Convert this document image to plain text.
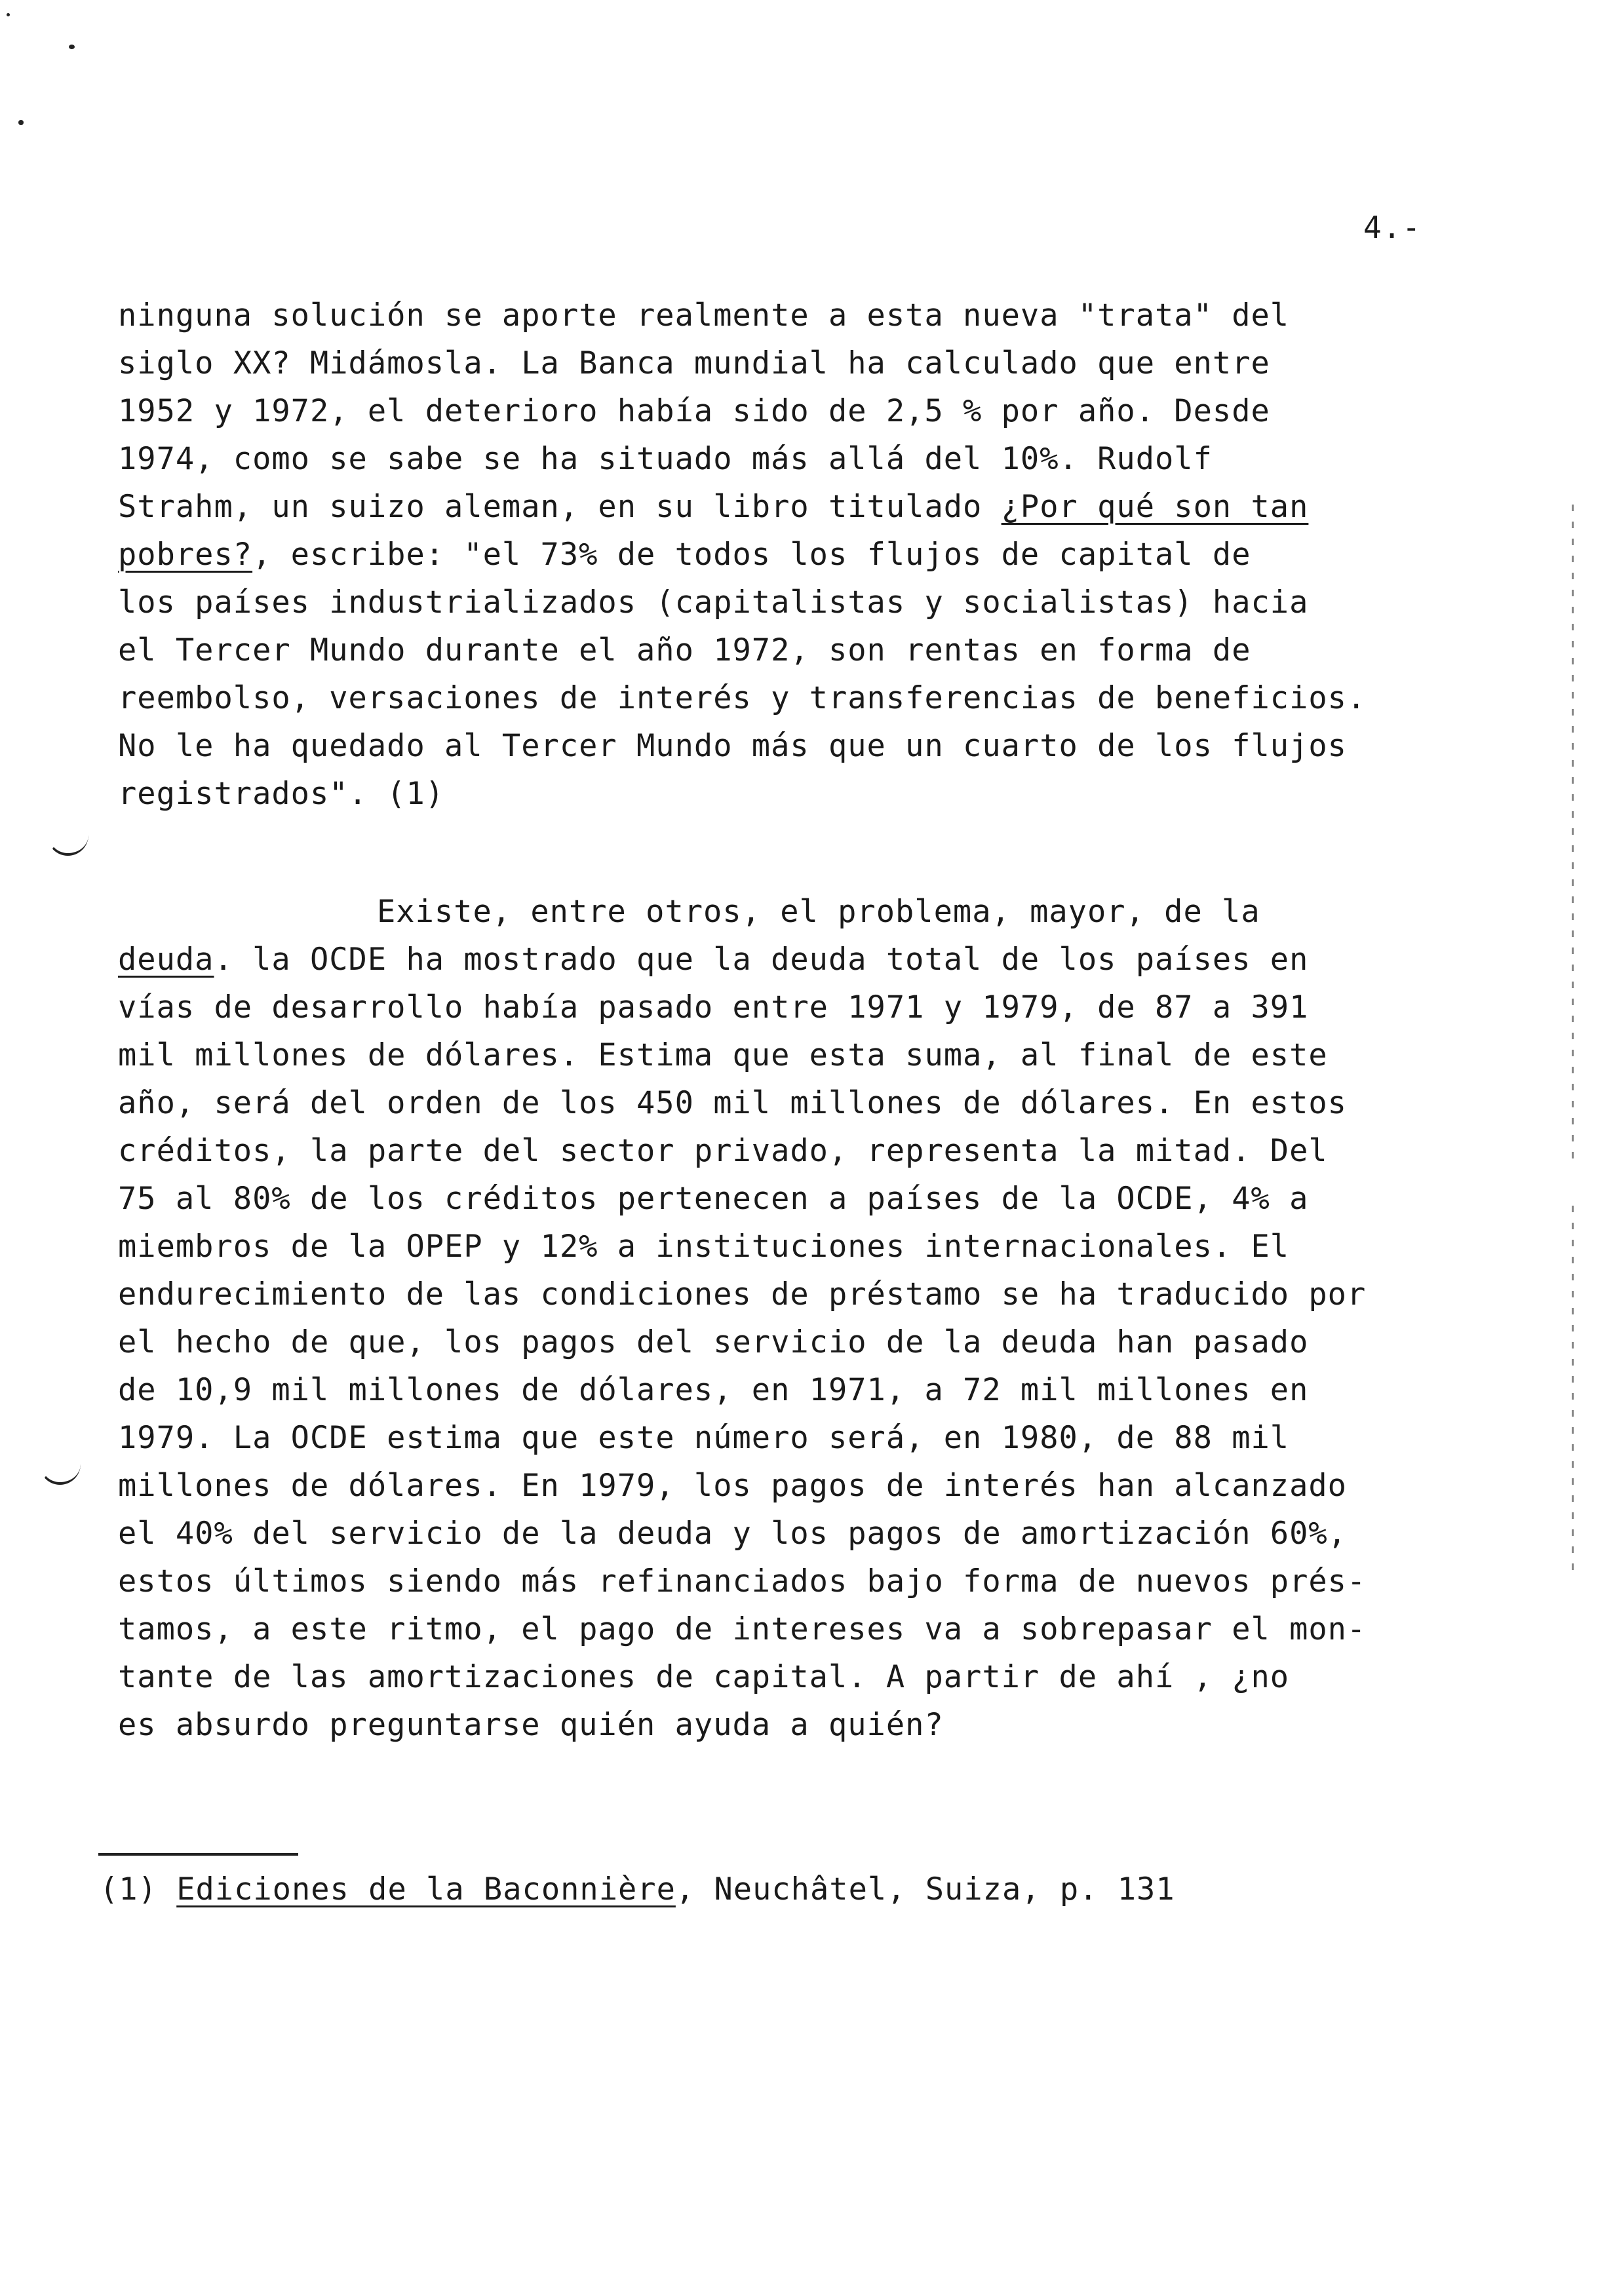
4.-
ninguna solución se aporte realmente a esta nueva "trata" del
siglo XX? Midámosla. La Banca mundial ha calculado que entre
1952 y 1972, el deterioro había sido de 2,5 % por año. Desde
1974, como se sabe se ha situado más allá del 10%. Rudolf
Strahm, un suizo aleman, en su libro titulado ¿Por qué son tan
pobres?, escribe: "el 73% de todos los flujos de capital de
los países industrializados (capitalistas y socialistas) hacia
el Tercer Mundo durante el año 1972, son rentas en forma de
reembolso, versaciones de interés y transferencias de beneficios.
No le ha quedado al Tercer Mundo más que un cuarto de los flujos
registrados". (1)
Existe, entre otros, el problema, mayor, de la
deuda. la OCDE ha mostrado que la deuda total de los países en
vías de desarrollo había pasado entre 1971 y 1979, de 87 a 391
mil millones de dólares. Estima que esta suma, al final de este
año, será del orden de los 450 mil millones de dólares. En estos
créditos, la parte del sector privado, representa la mitad. Del
75 al 80% de los créditos pertenecen a países de la OCDE, 4% a
miembros de la OPEP y 12% a instituciones internacionales. El
endurecimiento de las condiciones de préstamo se ha traducido por
el hecho de que, los pagos del servicio de la deuda han pasado
de 10,9 mil millones de dólares, en 1971, a 72 mil millones en
1979. La OCDE estima que este número será, en 1980, de 88 mil
millones de dólares. En 1979, los pagos de interés han alcanzado
el 40% del servicio de la deuda y los pagos de amortización 60%,
estos últimos siendo más refinanciados bajo forma de nuevos prés-
tamos, a este ritmo, el pago de intereses va a sobrepasar el mon-
tante de las amortizaciones de capital. A partir de ahí , ¿no
es absurdo preguntarse quién ayuda a quién?
(1) Ediciones de la Baconnière, Neuchâtel, Suiza, p. 131
